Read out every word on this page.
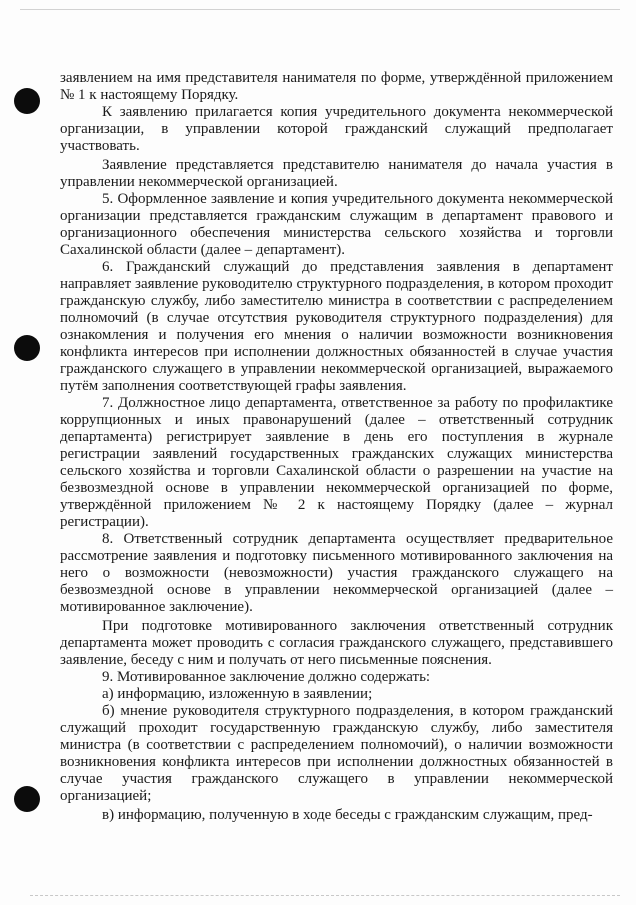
заявлением на имя представителя нанимателя по форме, утверждённой приложением № 1 к настоящему Порядку.

К заявлению прилагается копия учредительного документа некоммерческой организации, в управлении которой гражданский служащий предполагает участвовать.

Заявление представляется представителю нанимателя до начала участия в управлении некоммерческой организацией.

5. Оформленное заявление и копия учредительного документа некоммерческой организации представляется гражданским служащим в департамент правового и организационного обеспечения министерства сельского хозяйства и торговли Сахалинской области (далее – департамент).

6. Гражданский служащий до представления заявления в департамент направляет заявление руководителю структурного подразделения, в котором проходит гражданскую службу, либо заместителю министра в соответствии с распределением полномочий (в случае отсутствия руководителя структурного подразделения) для ознакомления и получения его мнения о наличии возможности возникновения конфликта интересов при исполнении должностных обязанностей в случае участия гражданского служащего в управлении некоммерческой организацией, выражаемого путём заполнения соответствующей графы заявления.

7. Должностное лицо департамента, ответственное за работу по профилактике коррупционных и иных правонарушений (далее – ответственный сотрудник департамента) регистрирует заявление в день его поступления в журнале регистрации заявлений государственных гражданских служащих министерства сельского хозяйства и торговли Сахалинской области о разрешении на участие на безвозмездной основе в управлении некоммерческой организацией по форме, утверждённой приложением № 2 к настоящему Порядку (далее – журнал регистрации).

8. Ответственный сотрудник департамента осуществляет предварительное рассмотрение заявления и подготовку письменного мотивированного заключения на него о возможности (невозможности) участия гражданского служащего на безвозмездной основе в управлении некоммерческой организацией (далее – мотивированное заключение).

При подготовке мотивированного заключения ответственный сотрудник департамента может проводить с согласия гражданского служащего, представившего заявление, беседу с ним и получать от него письменные пояснения.

9. Мотивированное заключение должно содержать:

а) информацию, изложенную в заявлении;

б) мнение руководителя структурного подразделения, в котором гражданский служащий проходит государственную гражданскую службу, либо заместителя министра (в соответствии с распределением полномочий), о наличии возможности возникновения конфликта интересов при исполнении должностных обязанностей в случае участия гражданского служащего в управлении некоммерческой организацией;

в) информацию, полученную в ходе беседы с гражданским служащим, пред-
